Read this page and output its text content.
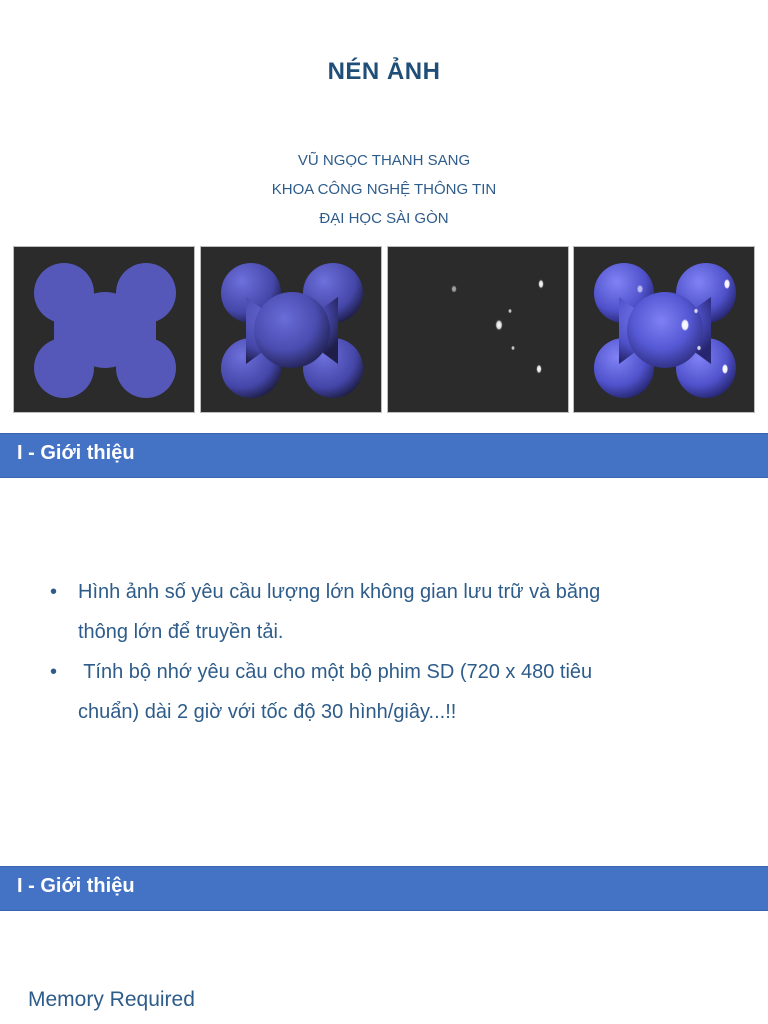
NÉN ẢNH
VŨ NGỌC THANH SANG
KHOA CÔNG NGHỆ THÔNG TIN
ĐẠI HỌC SÀI GÒN
I - Giới thiệu
• Hình ảnh số yêu cầu lượng lớn không gian lưu trữ và băng
thông lớn để truyền tải.
• Tính bộ nhớ yêu cầu cho một bộ phim SD (720 x 480 tiêu
chuẩn) dài 2 giờ với tốc độ 30 hình/giây...!!
I - Giới thiệu
Memory Required
